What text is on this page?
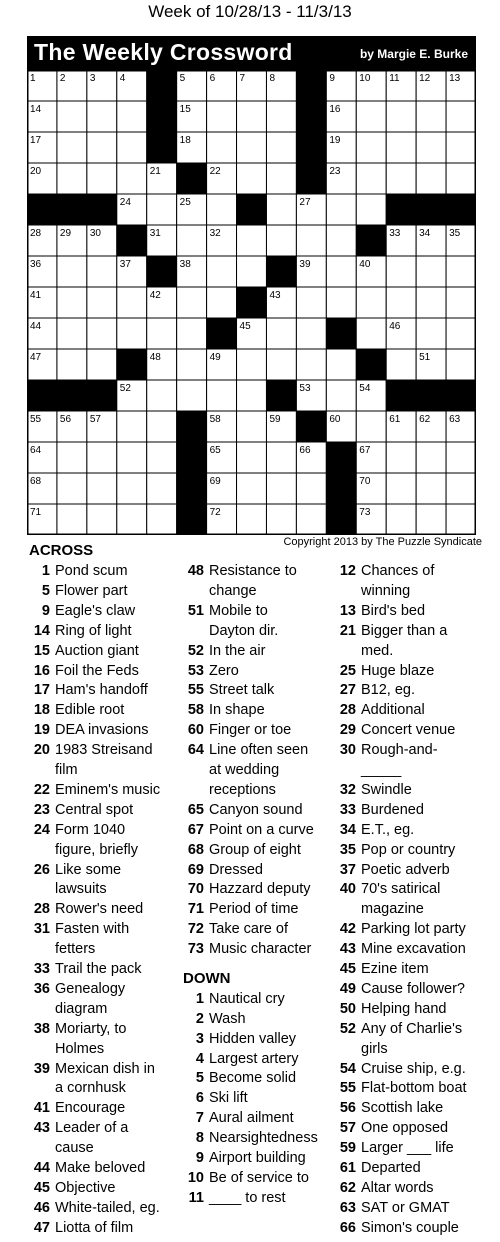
Week of 10/28/13 - 11/3/13
The Weekly Crossword	by Margie E. Burke
1 2 3 4	5 6 7 8	9 10 11 12 13
14	15	16
17	18	19
20	21	22	23
24	25	27
28 29 30	31	32	33 34 35
36	37	38	39	40
41	42	43
44	45	46
47	48	49	51
52	53	54
55 56 57	58	59	60	61 62 63
64	65	66	67
68	69	70
71	72	73
Copyright 2013 by The Puzzle Syndicate
ACROSS
1 Pond scum
5 Flower part
9 Eagle's claw
14 Ring of light
15 Auction giant
16 Foil the Feds
17 Ham's handoff
18 Edible root
19 DEA invasions
20 1983 Streisand
film
22 Eminem's music
23 Central spot
24 Form 1040
figure, briefly
26 Like some
lawsuits
28 Rower's need
31 Fasten with
fetters
33 Trail the pack
36 Genealogy
diagram
38 Moriarty, to
Holmes
39 Mexican dish in
a cornhusk
41 Encourage
43 Leader of a
cause
44 Make beloved
45 Objective
46 White-tailed, eg.
47 Liotta of film
48 Resistance to
change
51 Mobile to
Dayton dir.
52 In the air
53 Zero
55 Street talk
58 In shape
60 Finger or toe
64 Line often seen
at wedding
receptions
65 Canyon sound
67 Point on a curve
68 Group of eight
69 Dressed
70 Hazzard deputy
71 Period of time
72 Take care of
73 Music character
DOWN
1 Nautical cry
2 Wash
3 Hidden valley
4 Largest artery
5 Become solid
6 Ski lift
7 Aural ailment
8 Nearsightedness
9 Airport building
10 Be of service to
11 ____ to rest
12 Chances of
winning
13 Bird's bed
21 Bigger than a
med.
25 Huge blaze
27 B12, eg.
28 Additional
29 Concert venue
30 Rough-and-
_____
32 Swindle
33 Burdened
34 E.T., eg.
35 Pop or country
37 Poetic adverb
40 70's satirical
magazine
42 Parking lot party
43 Mine excavation
45 Ezine item
49 Cause follower?
50 Helping hand
52 Any of Charlie's
girls
54 Cruise ship, e.g.
55 Flat-bottom boat
56 Scottish lake
57 One opposed
59 Larger ___ life
61 Departed
62 Altar words
63 SAT or GMAT
66 Simon's couple
